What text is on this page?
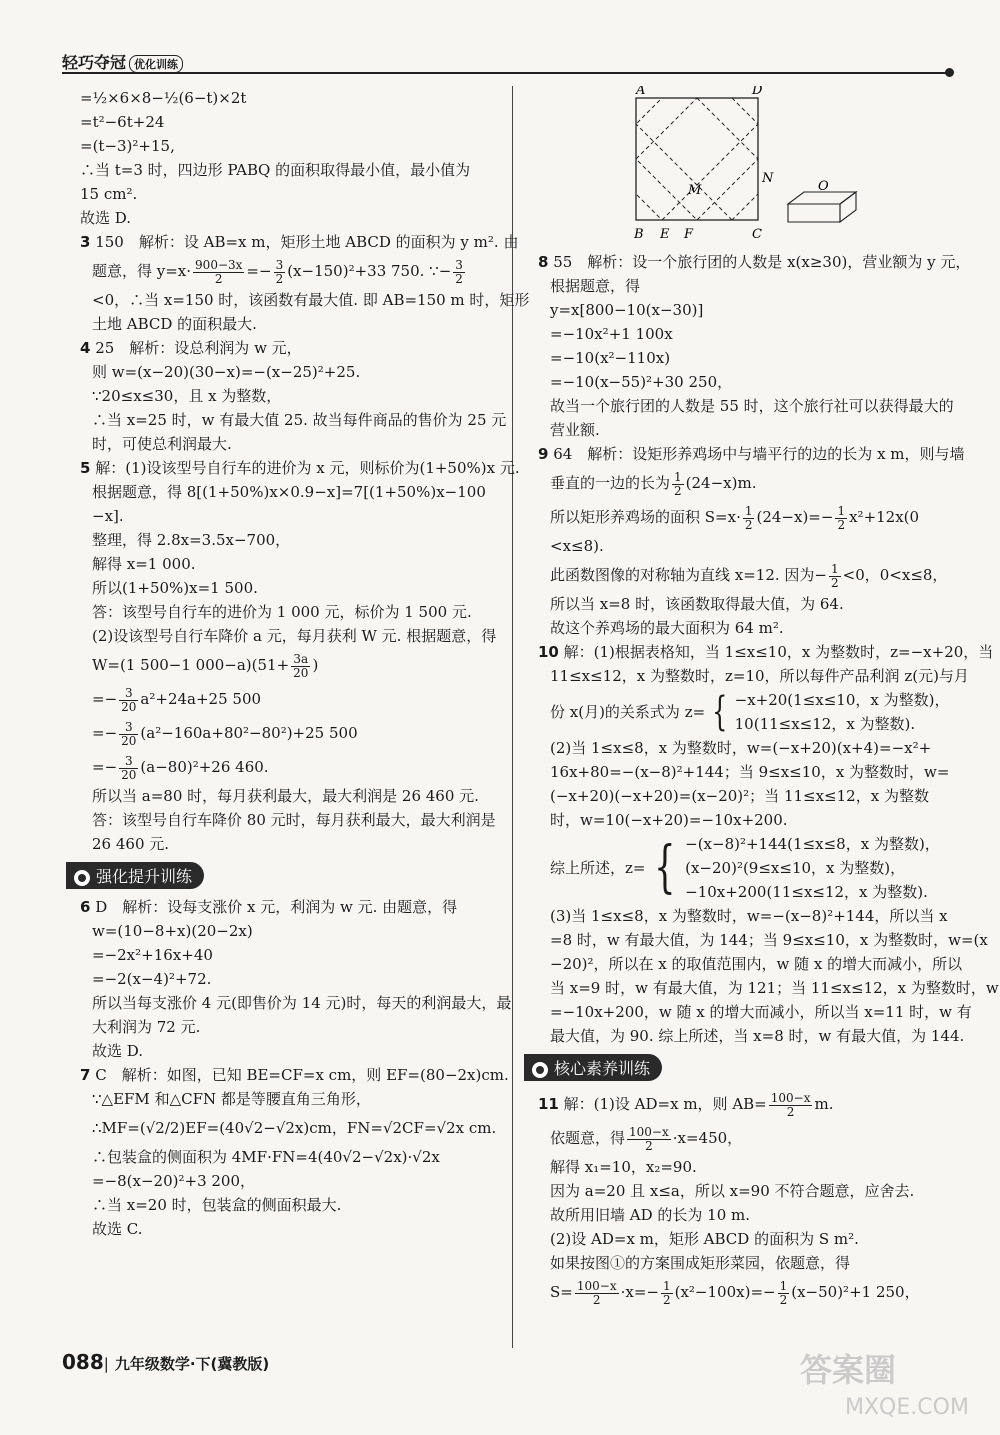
轻巧夺冠 优化训练
=½×6×8−½(6−t)×2t
=t²−6t+24
=(t−3)²+15,
∴当 t=3 时，四边形 PABQ 的面积取得最小值，最小值为
15 cm².
故选 D.
3 150　解析：设 AB=x m，矩形土地 ABCD 的面积为 y m². 由
题意，得 $y=x\cdot \frac{900-3x}{2} =- \frac{3}{2} (x-150)^2+33$ 750. ∵− $\frac{3}{2}$
<0，∴当 x=150 时，该函数有最大值. 即 AB=150 m 时，矩形
土地 ABCD 的面积最大.
4 25　解析：设总利润为 w 元，
则 w=(x−20)(30−x)=−(x−25)²+25.
∵20≤x≤30，且 x 为整数，
∴当 x=25 时，w 有最大值 25. 故当每件商品的售价为 25 元
时，可使总利润最大.
5 解：(1)设该型号自行车的进价为 x 元，则标价为(1+50%)x 元.
根据题意，得 8[(1+50%)x×0.9−x]=7[(1+50%)x−100
−x].
整理，得 2.8x=3.5x−700，
解得 x=1 000.
所以(1+50%)x=1 500.
答：该型号自行车的进价为 1 000 元，标价为 1 500 元.
(2)设该型号自行车降价 a 元，每月获利 W 元. 根据题意，得
W=(1 500−1 $000-a)(51+ \frac{3a}{20}$ )
=− $\frac{3}{20} a^2+24a+25$ 500
=− $\frac{3}{20} (a^2-160a+80^2-80^2)+25$ 500
=− $\frac{3}{20} (a-80)^2+26$ 460.
所以当 a=80 时，每月获利最大，最大利润是 26 460 元.
答：该型号自行车降价 80 元时，每月获利最大，最大利润是
26 460 元.
强化提升训练
6 D　解析：设每支涨价 x 元，利润为 w 元. 由题意，得
w=(10−8+x)(20−2x)
=−2x²+16x+40
=−2(x−4)²+72.
所以当每支涨价 4 元(即售价为 14 元)时，每天的利润最大，最
大利润为 72 元.
故选 D.
7 C　解析：如图，已知 BE=CF=x cm，则 EF=(80−2x)cm.
∵△EFM 和△CFN 都是等腰直角三角形，
∴MF=(√2/2)EF=(40√2−√2x)cm，FN=√2CF=√2x cm.
∴包装盒的侧面积为 4MF·FN=4(40√2−√2x)·√2x
=−8(x−20)²+3 200，
∴当 x=20 时，包装盒的侧面积最大.
故选 C.
A	D
B E F	C
M
N
O
8 55　解析：设一个旅行团的人数是 x(x≥30)，营业额为 y 元，
根据题意，得
y=x[800−10(x−30)]
=−10x²+1 100x
=−10(x²−110x)
=−10(x−55)²+30 250，
故当一个旅行团的人数是 55 时，这个旅行社可以获得最大的
营业额.
9 64　解析：设矩形养鸡场中与墙平行的边的长为 x m，则与墙
垂直的一边的长为 $\frac{1}{2} (24-x)m$.
所以矩形养鸡场的面积 $S=x\cdot \frac{1}{2} (24-x)=- \frac{1}{2} x^2+12x(0$
<x≤8).
此函数图像的对称轴为直线 x=12. 因为− $\frac{1}{2} <0$，0<x≤8，
所以当 x=8 时，该函数取得最大值，为 64.
故这个养鸡场的最大面积为 64 m².
10 解：(1)根据表格知，当 1≤x≤10，x 为整数时，z=−x+20，当
11≤x≤12，x 为整数时，z=10，所以每件产品利润 z(元)与月
份 x(月)的关系式为 z= { −x+20(1≤x≤10，x 为整数)，
10(11≤x≤12，x 为整数).
(2)当 1≤x≤8，x 为整数时，w=(−x+20)(x+4)=−x²+
16x+80=−(x−8)²+144；当 9≤x≤10，x 为整数时，w=
(−x+20)(−x+20)=(x−20)²；当 11≤x≤12，x 为整数
时，w=10(−x+20)=−10x+200.
综上所述，z= { −(x−8)²+144(1≤x≤8，x 为整数)，
(x−20)²(9≤x≤10，x 为整数)，
−10x+200(11≤x≤12，x 为整数).
(3)当 1≤x≤8，x 为整数时，w=−(x−8)²+144，所以当 x
=8 时，w 有最大值，为 144；当 9≤x≤10，x 为整数时，w=(x
−20)²，所以在 x 的取值范围内，w 随 x 的增大而减小，所以
当 x=9 时，w 有最大值，为 121；当 11≤x≤12，x 为整数时，w
=−10x+200，w 随 x 的增大而减小，所以当 x=11 时，w 有
最大值，为 90. 综上所述，当 x=8 时，w 有最大值，为 144.
核心素养训练
11 解：(1)设 AD=x m，则 $AB= \frac{100-x}{2} m$.
依题意，得 $\frac{100-x}{2} \cdot x=450$，
解得 x₁=10，x₂=90.
因为 a=20 且 x≤a，所以 x=90 不符合题意，应舍去.
故所用旧墙 AD 的长为 10 m.
(2)设 AD=x m，矩形 ABCD 的面积为 S m².
如果按图①的方案围成矩形菜园，依题意，得
$S= \frac{100-x}{2} \cdot x=- \frac{1}{2} (x^2-100x)=- \frac{1}{2} (x-50)^2+1$ 250，
088| 九年级数学·下(冀教版)	答案圈
MXQE.COM
